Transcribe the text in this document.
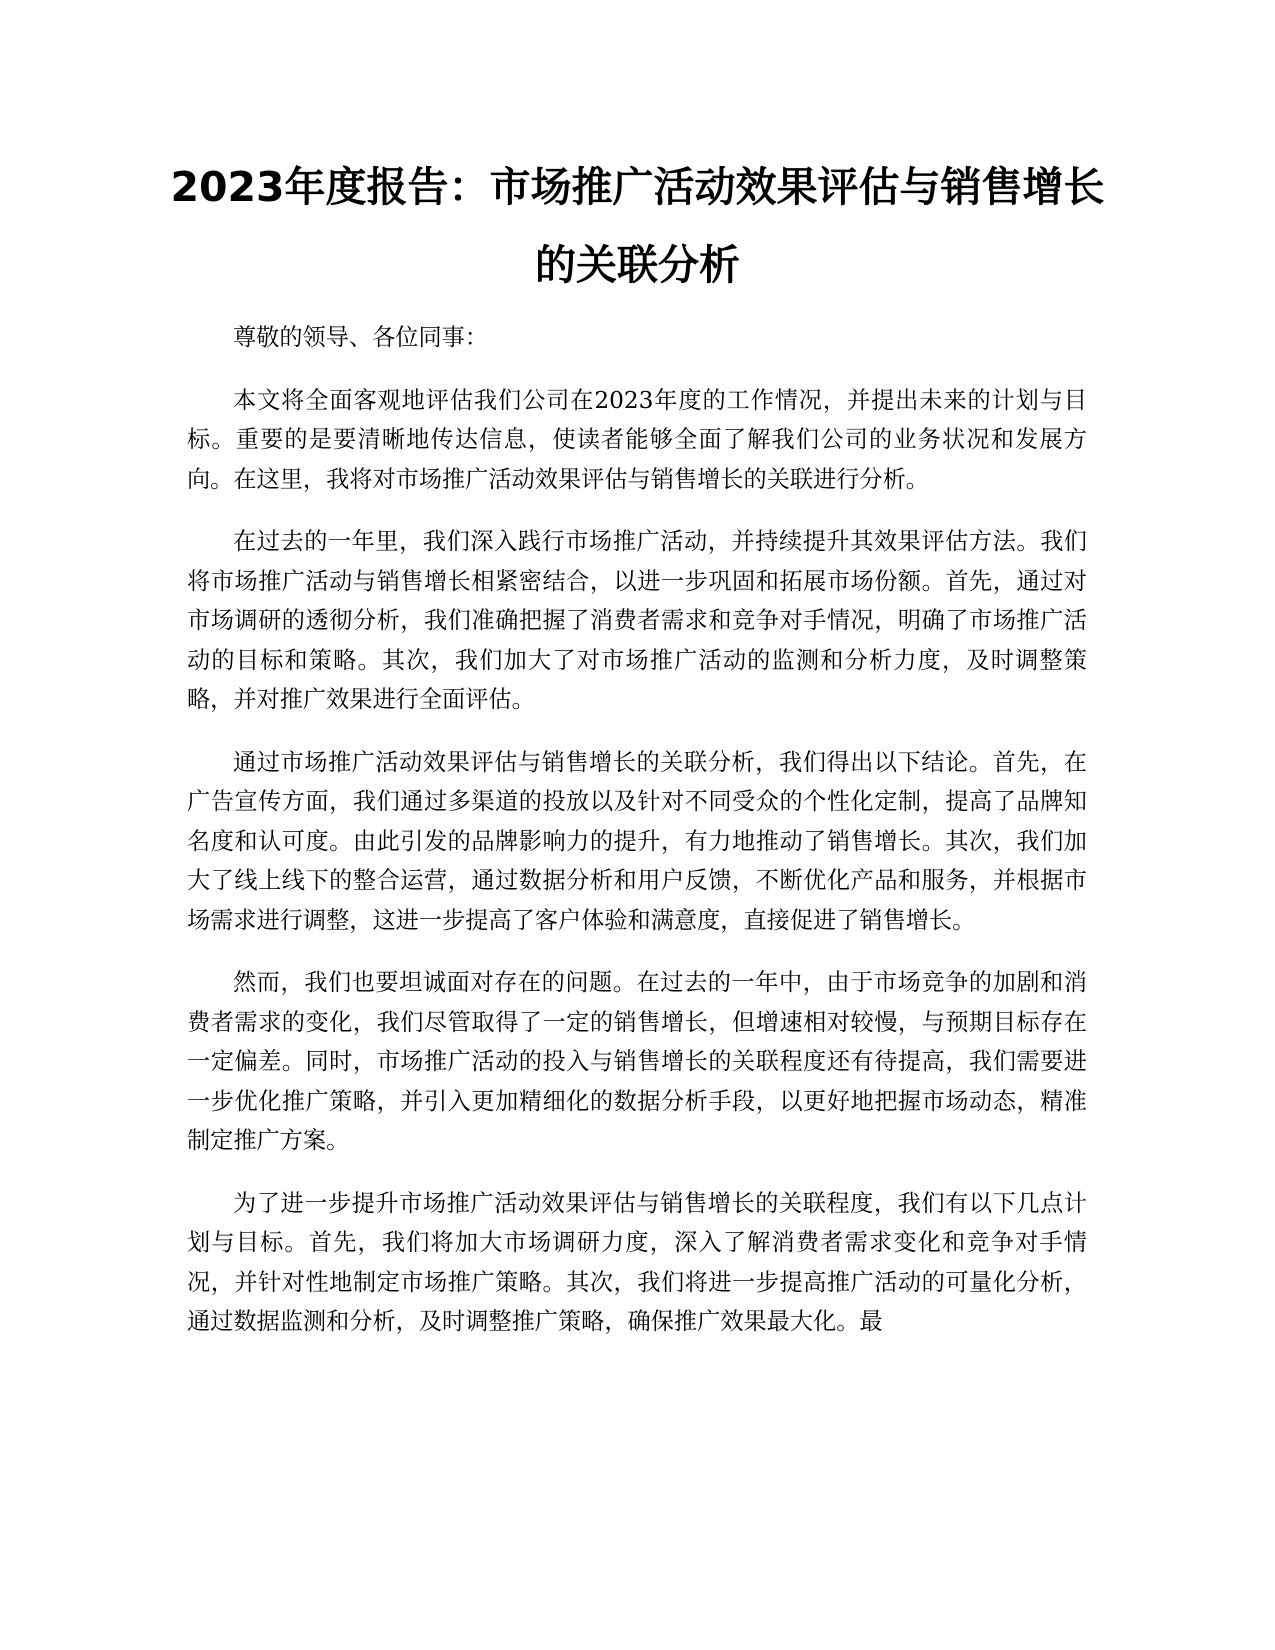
2023年度报告：市场推广活动效果评估与销售增长的关联分析

尊敬的领导、各位同事：

本文将全面客观地评估我们公司在2023年度的工作情况，并提出未来的计划与目标。重要的是要清晰地传达信息，使读者能够全面了解我们公司的业务状况和发展方向。在这里，我将对市场推广活动效果评估与销售增长的关联进行分析。

在过去的一年里，我们深入践行市场推广活动，并持续提升其效果评估方法。我们将市场推广活动与销售增长相紧密结合，以进一步巩固和拓展市场份额。首先，通过对市场调研的透彻分析，我们准确把握了消费者需求和竞争对手情况，明确了市场推广活动的目标和策略。其次，我们加大了对市场推广活动的监测和分析力度，及时调整策略，并对推广效果进行全面评估。

通过市场推广活动效果评估与销售增长的关联分析，我们得出以下结论。首先，在广告宣传方面，我们通过多渠道的投放以及针对不同受众的个性化定制，提高了品牌知名度和认可度。由此引发的品牌影响力的提升，有力地推动了销售增长。其次，我们加大了线上线下的整合运营，通过数据分析和用户反馈，不断优化产品和服务，并根据市场需求进行调整，这进一步提高了客户体验和满意度，直接促进了销售增长。

然而，我们也要坦诚面对存在的问题。在过去的一年中，由于市场竞争的加剧和消费者需求的变化，我们尽管取得了一定的销售增长，但增速相对较慢，与预期目标存在一定偏差。同时，市场推广活动的投入与销售增长的关联程度还有待提高，我们需要进一步优化推广策略，并引入更加精细化的数据分析手段，以更好地把握市场动态，精准制定推广方案。

为了进一步提升市场推广活动效果评估与销售增长的关联程度，我们有以下几点计划与目标。首先，我们将加大市场调研力度，深入了解消费者需求变化和竞争对手情况，并针对性地制定市场推广策略。其次，我们将进一步提高推广活动的可量化分析，通过数据监测和分析，及时调整推广策略，确保推广效果最大化。最
